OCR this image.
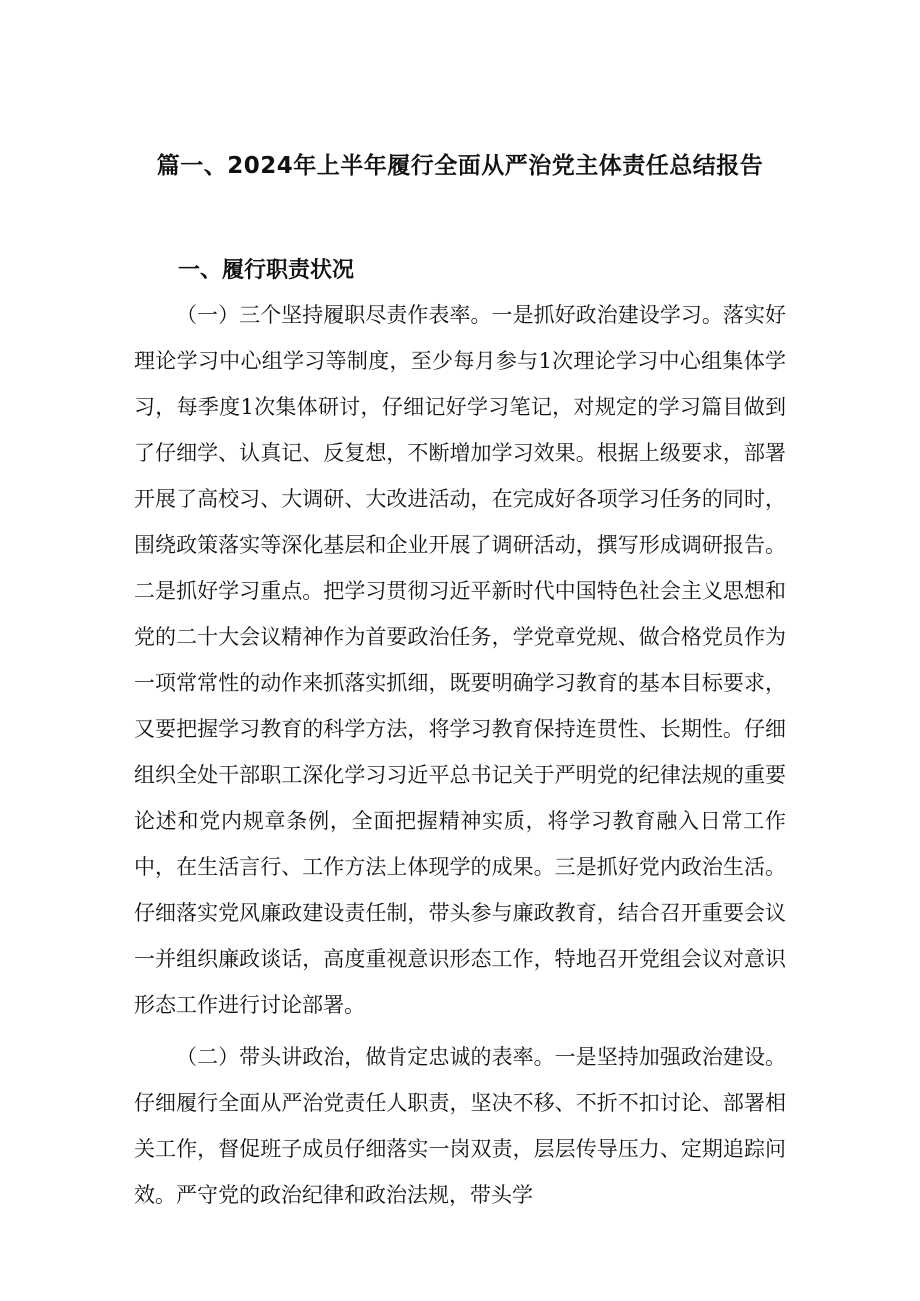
篇一、2024年上半年履行全面从严治党主体责任总结报告
一、履行职责状况

（一）三个坚持履职尽责作表率。一是抓好政治建设学习。落实好理论学习中心组学习等制度，至少每月参与1次理论学习中心组集体学习，每季度1次集体研讨，仔细记好学习笔记，对规定的学习篇目做到了仔细学、认真记、反复想，不断增加学习效果。根据上级要求，部署开展了高校习、大调研、大改进活动，在完成好各项学习任务的同时，围绕政策落实等深化基层和企业开展了调研活动，撰写形成调研报告。二是抓好学习重点。把学习贯彻习近平新时代中国特色社会主义思想和党的二十大会议精神作为首要政治任务，学党章党规、做合格党员作为一项常常性的动作来抓落实抓细，既要明确学习教育的基本目标要求，又要把握学习教育的科学方法，将学习教育保持连贯性、长期性。仔细组织全处干部职工深化学习习近平总书记关于严明党的纪律法规的重要论述和党内规章条例，全面把握精神实质，将学习教育融入日常工作中，在生活言行、工作方法上体现学的成果。三是抓好党内政治生活。仔细落实党风廉政建设责任制，带头参与廉政教育，结合召开重要会议一并组织廉政谈话，高度重视意识形态工作，特地召开党组会议对意识形态工作进行讨论部署。

（二）带头讲政治，做肯定忠诚的表率。一是坚持加强政治建设。仔细履行全面从严治党责任人职责，坚决不移、不折不扣讨论、部署相关工作，督促班子成员仔细落实一岗双责，层层传导压力、定期追踪问效。严守党的政治纪律和政治法规，带头学
